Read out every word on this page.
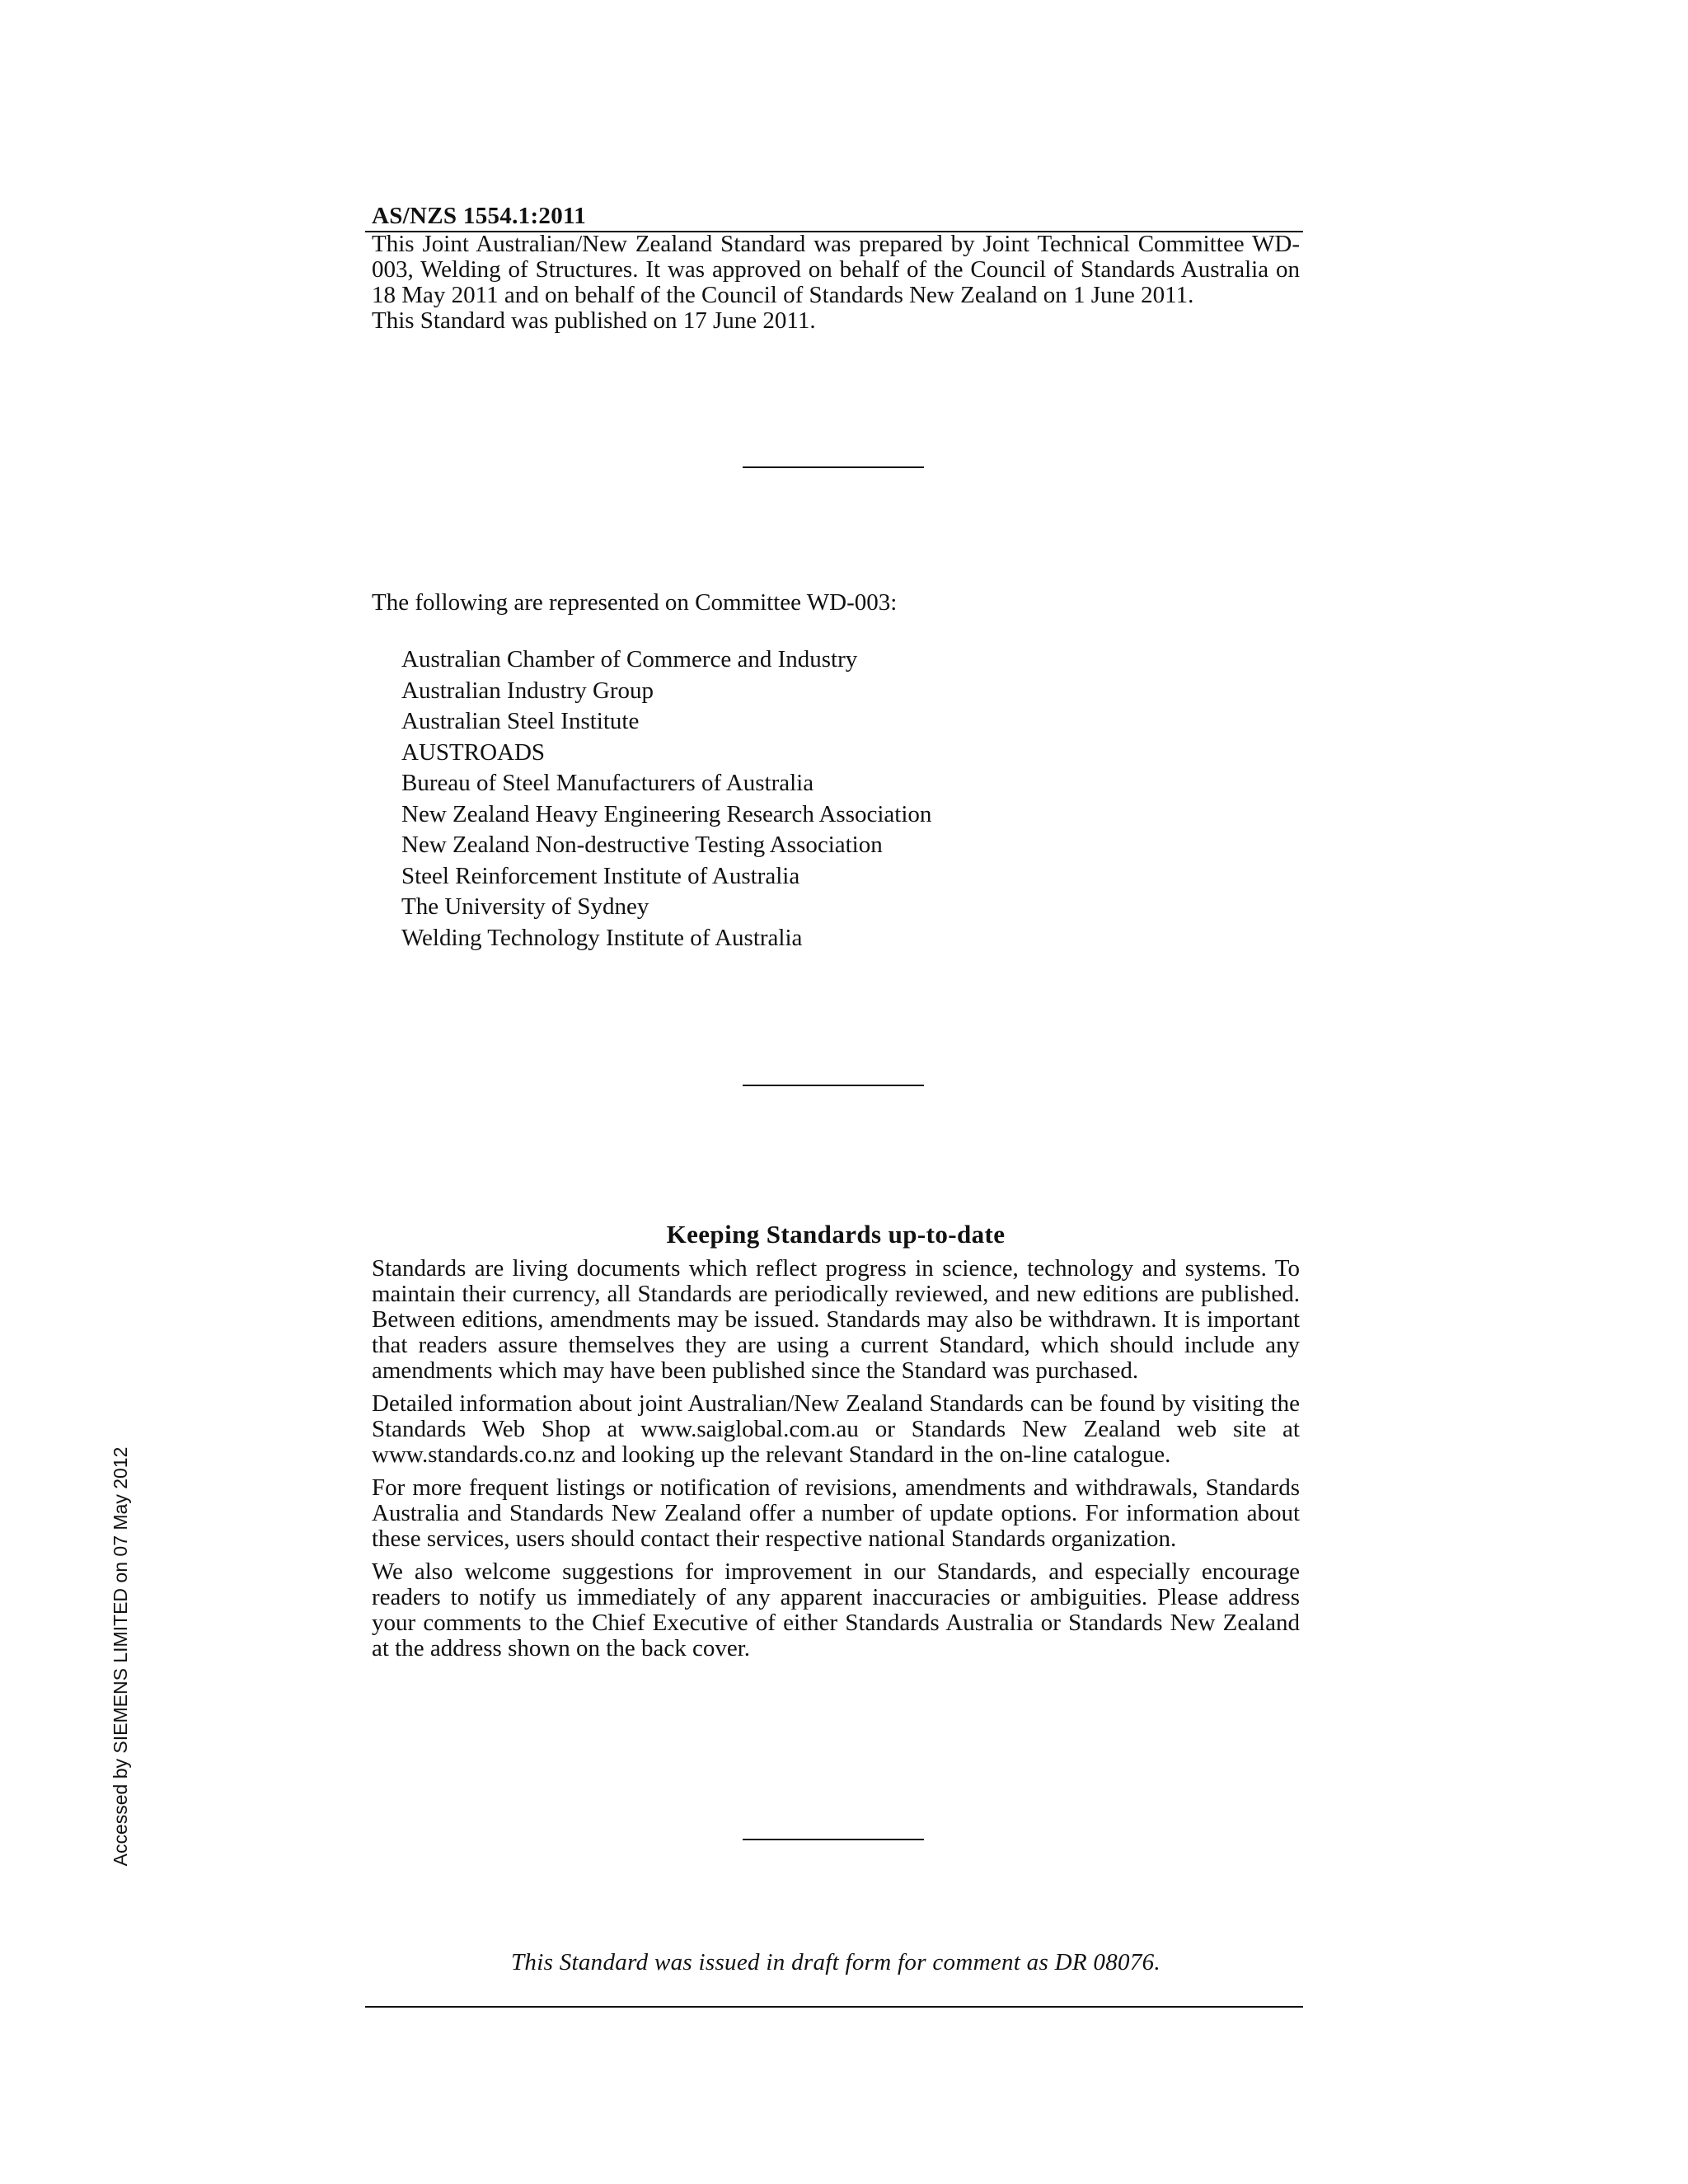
AS/NZS 1554.1:2011

This Joint Australian/New Zealand Standard was prepared by Joint Technical Committee WD-003, Welding of Structures. It was approved on behalf of the Council of Standards Australia on 18 May 2011 and on behalf of the Council of Standards New Zealand on 1 June 2011.

This Standard was published on 17 June 2011.

The following are represented on Committee WD-003:
Australian Chamber of Commerce and Industry
Australian Industry Group
Australian Steel Institute
AUSTROADS
Bureau of Steel Manufacturers of Australia
New Zealand Heavy Engineering Research Association
New Zealand Non-destructive Testing Association
Steel Reinforcement Institute of Australia
The University of Sydney
Welding Technology Institute of Australia
Keeping Standards up-to-date

Standards are living documents which reflect progress in science, technology and systems. To maintain their currency, all Standards are periodically reviewed, and new editions are published. Between editions, amendments may be issued. Standards may also be withdrawn. It is important that readers assure themselves they are using a current Standard, which should include any amendments which may have been published since the Standard was purchased.

Detailed information about joint Australian/New Zealand Standards can be found by visiting the Standards Web Shop at www.saiglobal.com.au or Standards New Zealand web site at www.standards.co.nz and looking up the relevant Standard in the on-line catalogue.

For more frequent listings or notification of revisions, amendments and withdrawals, Standards Australia and Standards New Zealand offer a number of update options. For information about these services, users should contact their respective national Standards organization.

We also welcome suggestions for improvement in our Standards, and especially encourage readers to notify us immediately of any apparent inaccuracies or ambiguities. Please address your comments to the Chief Executive of either Standards Australia or Standards New Zealand at the address shown on the back cover.

This Standard was issued in draft form for comment as DR 08076.
Accessed by SIEMENS LIMITED on 07 May 2012
